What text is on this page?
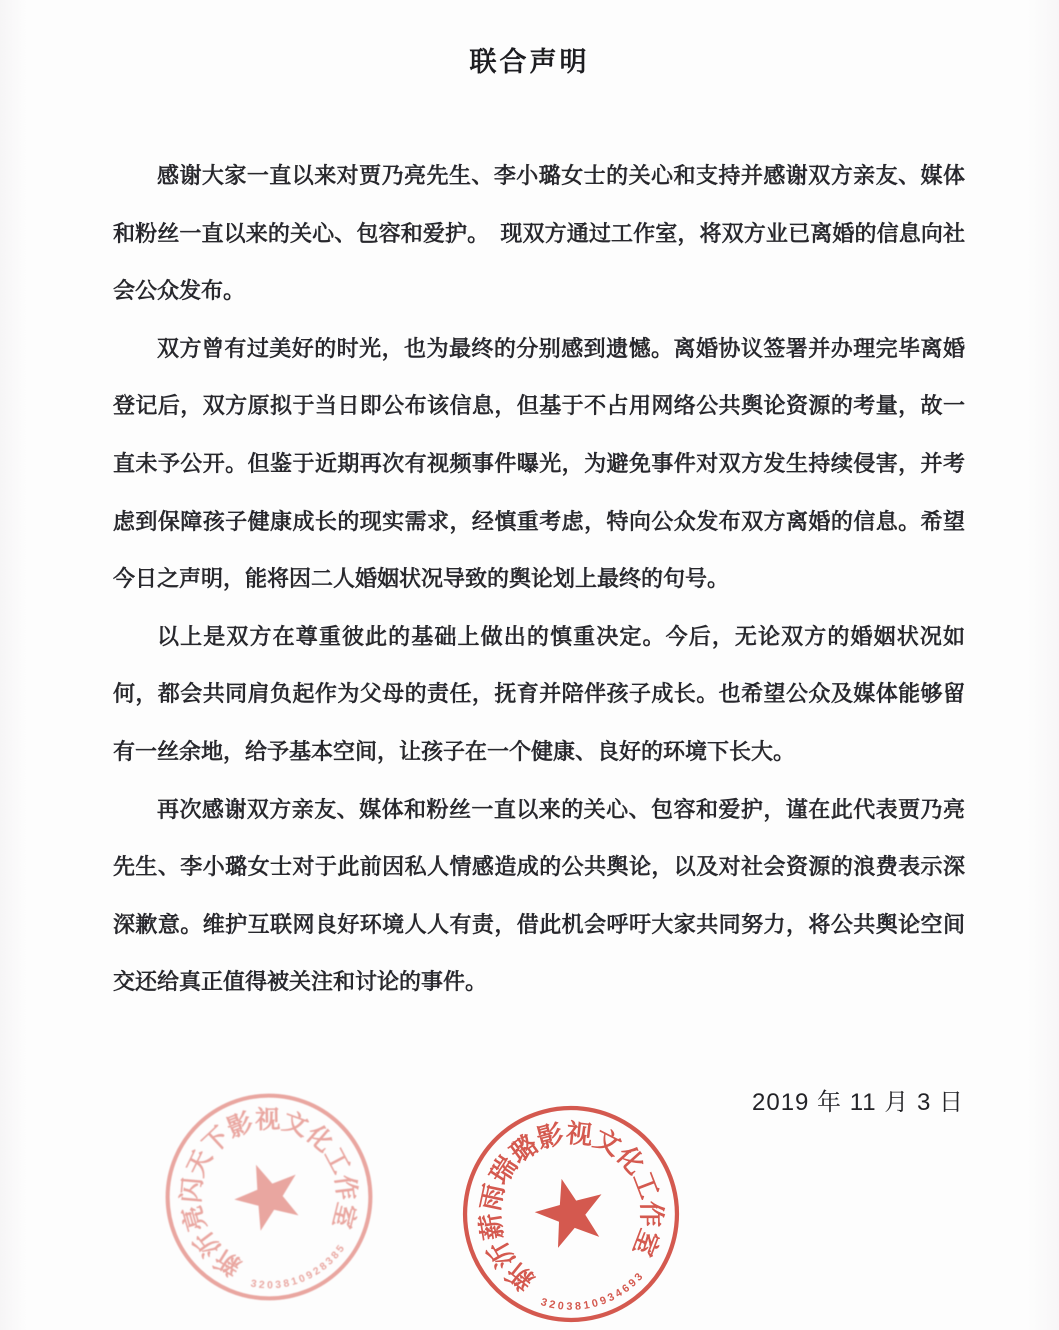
联合声明

感谢大家一直以来对贾乃亮先生、李小璐女士的关心和支持并感谢双方亲友、媒体和粉丝一直以来的关心、包容和爱护。　现双方通过工作室，将双方业已离婚的信息向社会公众发布。

双方曾有过美好的时光，也为最终的分别感到遗憾。离婚协议签署并办理完毕离婚登记后，双方原拟于当日即公布该信息，但基于不占用网络公共舆论资源的考量，故一直未予公开。但鉴于近期再次有视频事件曝光，为避免事件对双方发生持续侵害，并考虑到保障孩子健康成长的现实需求，经慎重考虑，特向公众发布双方离婚的信息。希望今日之声明，能将因二人婚姻状况导致的舆论划上最终的句号。

以上是双方在尊重彼此的基础上做出的慎重决定。今后，无论双方的婚姻状况如何，都会共同肩负起作为父母的责任，抚育并陪伴孩子成长。也希望公众及媒体能够留有一丝余地，给予基本空间，让孩子在一个健康、良好的环境下长大。

再次感谢双方亲友、媒体和粉丝一直以来的关心、包容和爱护，谨在此代表贾乃亮先生、李小璐女士对于此前因私人情感造成的公共舆论，以及对社会资源的浪费表示深深歉意。维护互联网良好环境人人有责，借此机会呼吁大家共同努力，将公共舆论空间交还给真正值得被关注和讨论的事件。

2019 年 11 月 3 日
新
沂
亮
闪
天
下
影
视
文
化
工
作
室
3 2 0 3 8 1
0
9
2
8
3
8
5
新
沂
薪
雨
瑞
璐
影
视
文
化
工
作
室
3 2 0 3 8 1 0
9
3
4
6
9
3
